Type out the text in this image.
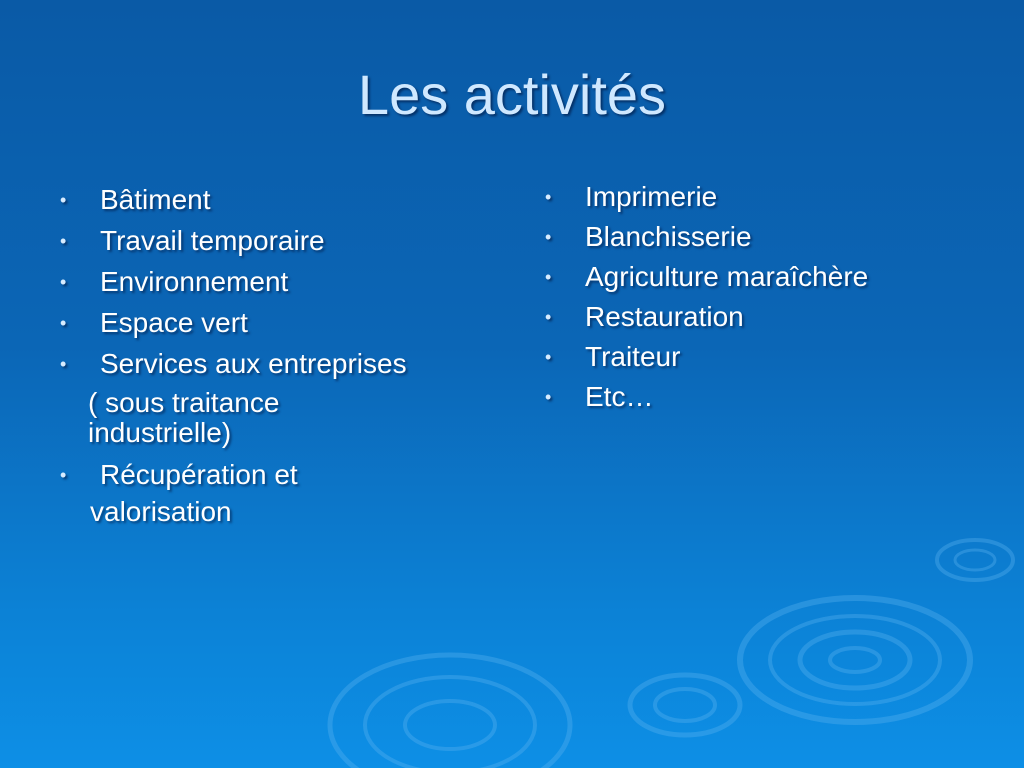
Les activités
• Bâtiment
• Travail temporaire
• Environnement
• Espace vert
• Services aux entreprises
( sous traitance industrielle)
• Récupération et
valorisation
• Imprimerie
• Blanchisserie
• Agriculture maraîchère
• Restauration
• Traiteur
• Etc…
